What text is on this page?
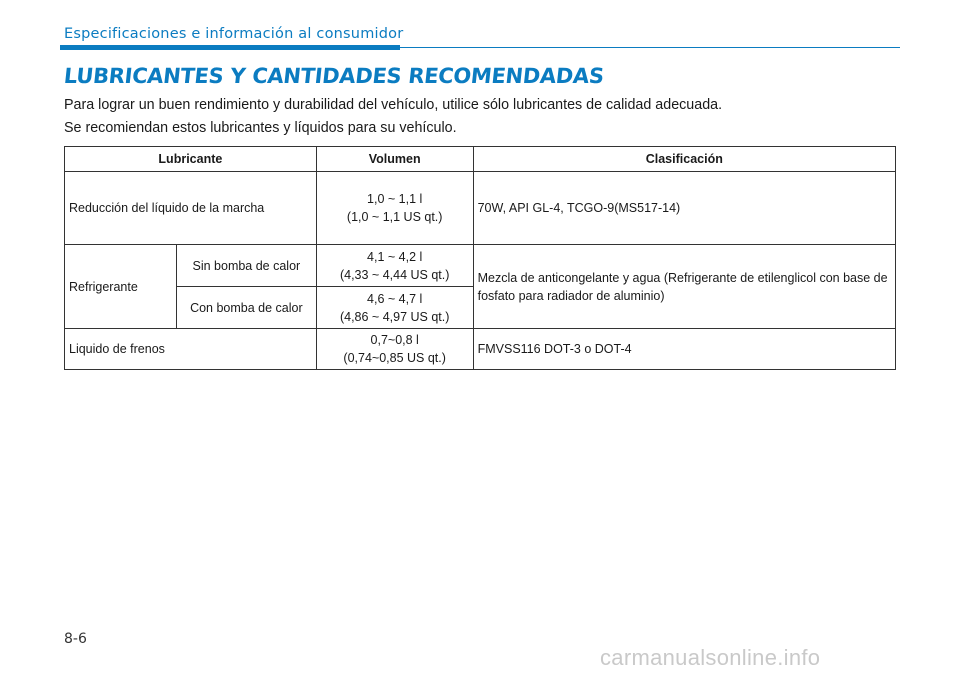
Especificaciones e información al consumidor
LUBRICANTES Y CANTIDADES RECOMENDADAS

Para lograr un buen rendimiento y durabilidad del vehículo, utilice sólo lubricantes de calidad adecuada.

Se recomiendan estos lubricantes y líquidos para su vehículo.

Lubricante		Volumen	Clasificación
Reducción del líquido de la marcha		1,0 ~ 1,1 l
(1,0 ~ 1,1 US qt.)	70W, API GL-4, TCGO-9(MS517-14)
Refrigerante	Sin bomba de calor	4,1 ~ 4,2 l
(4,33 ~ 4,44 US qt.)	Mezcla de anticongelante y agua (Refrigerante de etilenglicol con base de fosfato para radiador de aluminio)
	Con bomba de calor	4,6 ~ 4,7 l
(4,86 ~ 4,97 US qt.)	

Liquido de frenos		0,7~0,8 l
(0,74~0,85 US qt.)	FMVSS116 DOT-3 o DOT-4
8-6
carmanualsonline.info
